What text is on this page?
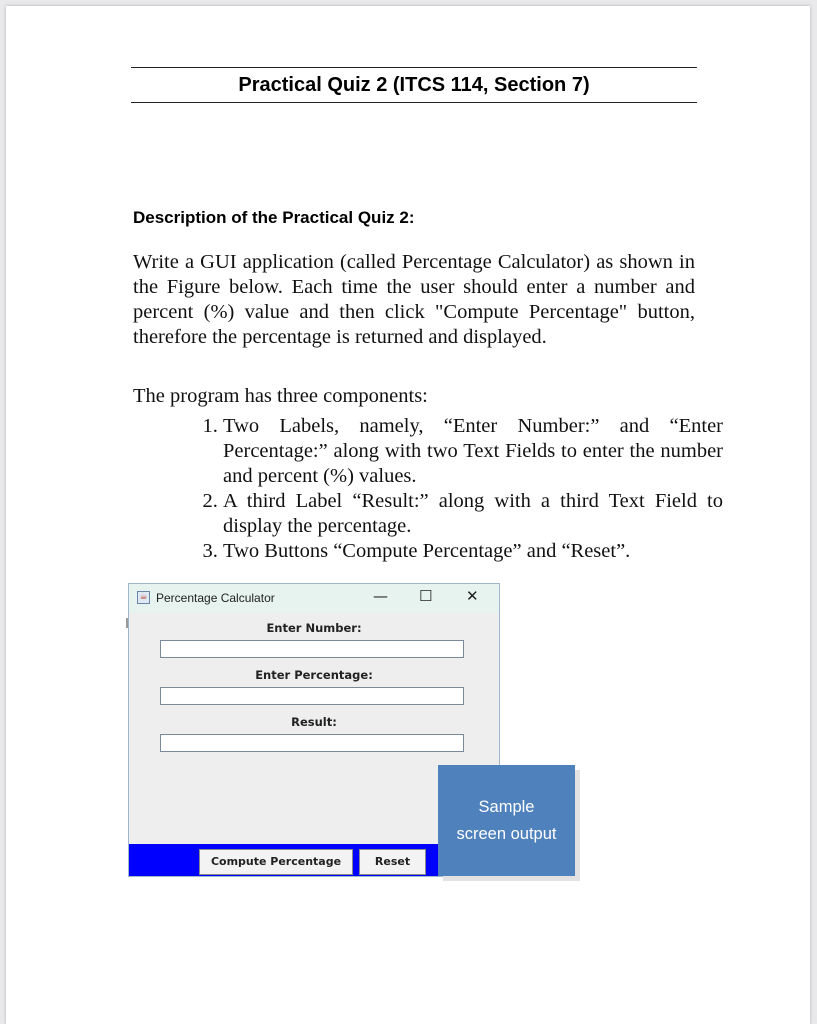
Practical Quiz 2 (ITCS 114, Section 7)
Description of the Practical Quiz 2:
Write a GUI application (called Percentage Calculator) as shown in the Figure below. Each time the user should enter a number and percent (%) value and then click "Compute Percentage" button, therefore the percentage is returned and displayed.
The program has three components:
1. Two Labels, namely, “Enter Number:” and “Enter Percentage:” along with two Text Fields to enter the number and percent (%) values.
2. A third Label “Result:” along with a third Text Field to display the percentage.
3. Two Buttons “Compute Percentage” and “Reset”.
☕ Percentage Calculator	— ☐ ✕
Enter Number:
Enter Percentage:
Result:
Compute Percentage	Reset
Sample
screen output
